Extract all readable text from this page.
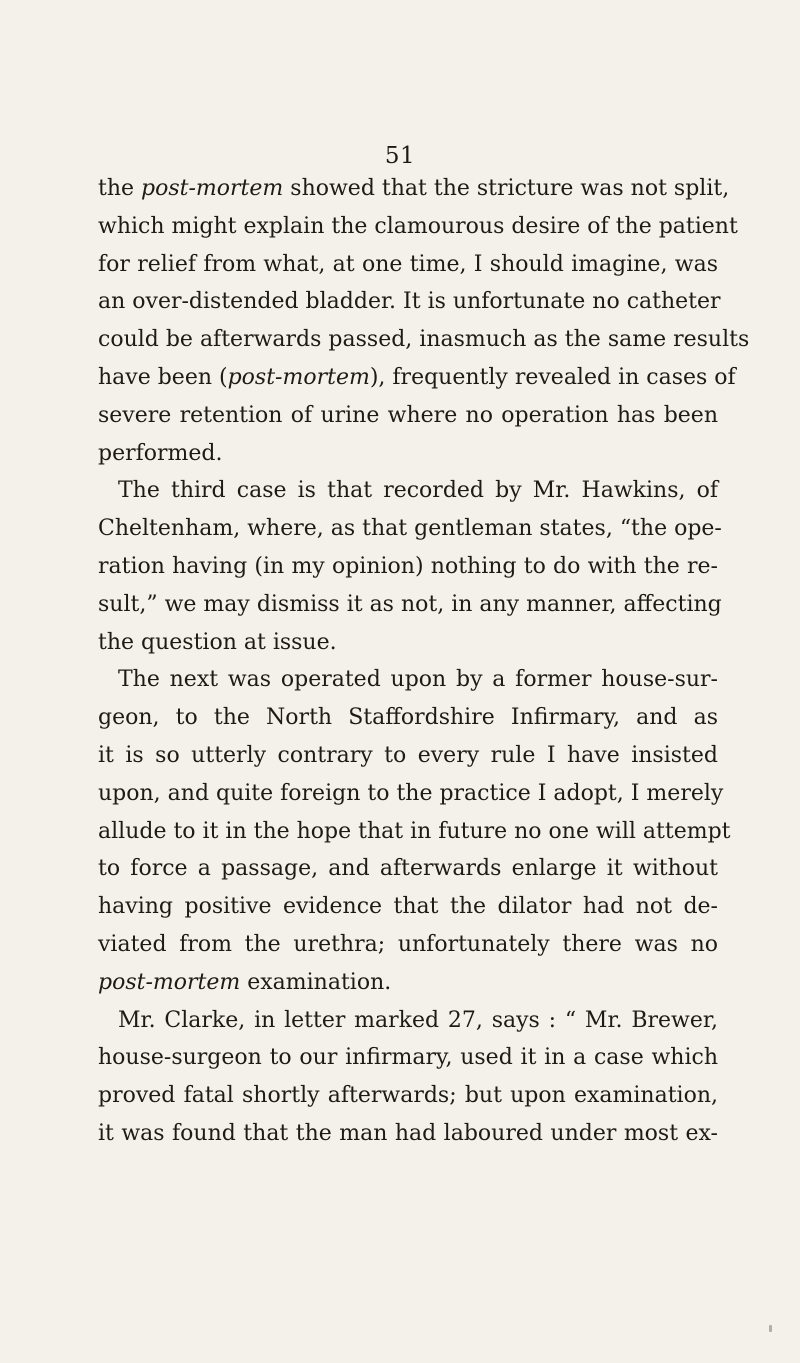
51
the post-mortem showed that the stricture was not split,
which might explain the clamourous desire of the patient
for relief from what, at one time, I should imagine, was
an over-distended bladder. It is unfortunate no catheter
could be afterwards passed, inasmuch as the same results
have been (post-mortem), frequently revealed in cases of
severe retention of urine where no operation has been
performed.
The third case is that recorded by Mr. Hawkins, of
Cheltenham, where, as that gentleman states, “the ope-
ration having (in my opinion) nothing to do with the re-
sult,” we may dismiss it as not, in any manner, affecting
the question at issue.
The next was operated upon by a former house-sur-
geon, to the North Staffordshire Infirmary, and as
it is so utterly contrary to every rule I have insisted
upon, and quite foreign to the practice I adopt, I merely
allude to it in the hope that in future no one will attempt
to force a passage, and afterwards enlarge it without
having positive evidence that the dilator had not de-
viated from the urethra; unfortunately there was no
post-mortem examination.
Mr. Clarke, in letter marked 27, says : “ Mr. Brewer,
house-surgeon to our infirmary, used it in a case which
proved fatal shortly afterwards; but upon examination,
it was found that the man had laboured under most ex-
